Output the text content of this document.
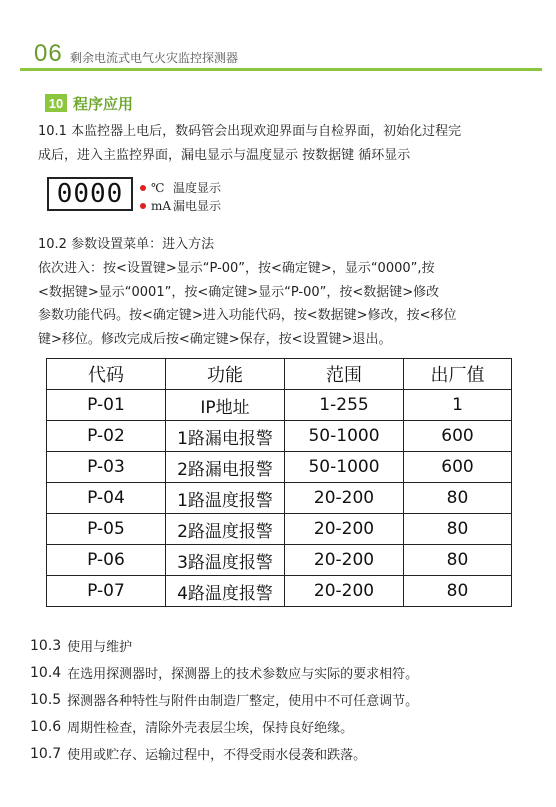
06 剩余电流式电气火灾监控探测器
10 程序应用
10.1 本监控器上电后，数码管会出现欢迎界面与自检界面，初始化过程完
成后，进入主监控界面，漏电显示与温度显示 按数据键 循环显示
0000 ℃ 温度显示
mA 漏电显示
10.2 参数设置菜单：进入方法
依次进入：按<设置键>显示“P-00”，按<确定键>，显示“0000”,按
<数据键>显示“0001”，按<确定键>显示“P-00”，按<数据键>修改
参数功能代码。按<确定键>进入功能代码，按<数据键>修改，按<移位
键>移位。修改完成后按<确定键>保存，按<设置键>退出。
代码	功能	范围	出厂值
P-01	IP地址	1-255	1
P-02	1路漏电报警	50-1000	600
P-03	2路漏电报警	50-1000	600
P-04	1路温度报警	20-200	80
P-05	2路温度报警	20-200	80
P-06	3路温度报警	20-200	80
P-07	4路温度报警	20-200	80
10.3 使用与维护
10.4 在选用探测器时，探测器上的技术参数应与实际的要求相符。
10.5 探测器各种特性与附件由制造厂整定，使用中不可任意调节。
10.6 周期性检查，清除外壳表层尘埃，保持良好绝缘。
10.7 使用或贮存、运输过程中，不得受雨水侵袭和跌落。
